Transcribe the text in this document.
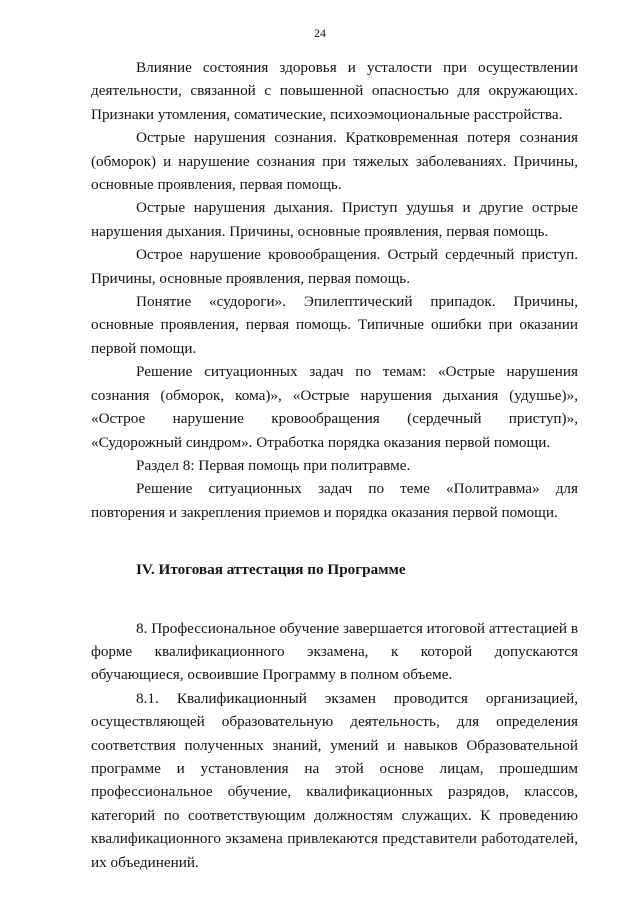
24

Влияние состояния здоровья и усталости при осуществлении деятельности, связанной с повышенной опасностью для окружающих. Признаки утомления, соматические, психоэмоциональные расстройства.

Острые нарушения сознания. Кратковременная потеря сознания (обморок) и нарушение сознания при тяжелых заболеваниях. Причины, основные проявления, первая помощь.

Острые нарушения дыхания. Приступ удушья и другие острые нарушения дыхания. Причины, основные проявления, первая помощь.

Острое нарушение кровообращения. Острый сердечный приступ. Причины, основные проявления, первая помощь.

Понятие «судороги». Эпилептический припадок. Причины, основные проявления, первая помощь. Типичные ошибки при оказании первой помощи.

Решение ситуационных задач по темам: «Острые нарушения сознания (обморок, кома)», «Острые нарушения дыхания (удушье)», «Острое нарушение кровообращения (сердечный приступ)», «Судорожный синдром». Отработка порядка оказания первой помощи.

Раздел 8: Первая помощь при политравме.

Решение ситуационных задач по теме «Политравма» для повторения и закрепления приемов и порядка оказания первой помощи.

IV. Итоговая аттестация по Программе

8. Профессиональное обучение завершается итоговой аттестацией в форме квалификационного экзамена, к которой допускаются обучающиеся, освоившие Программу в полном объеме.

8.1. Квалификационный экзамен проводится организацией, осуществляющей образовательную деятельность, для определения соответствия полученных знаний, умений и навыков Образовательной программе и установления на этой основе лицам, прошедшим профессиональное обучение, квалификационных разрядов, классов, категорий по соответствующим должностям служащих. К проведению квалификационного экзамена привлекаются представители работодателей, их объединений.
